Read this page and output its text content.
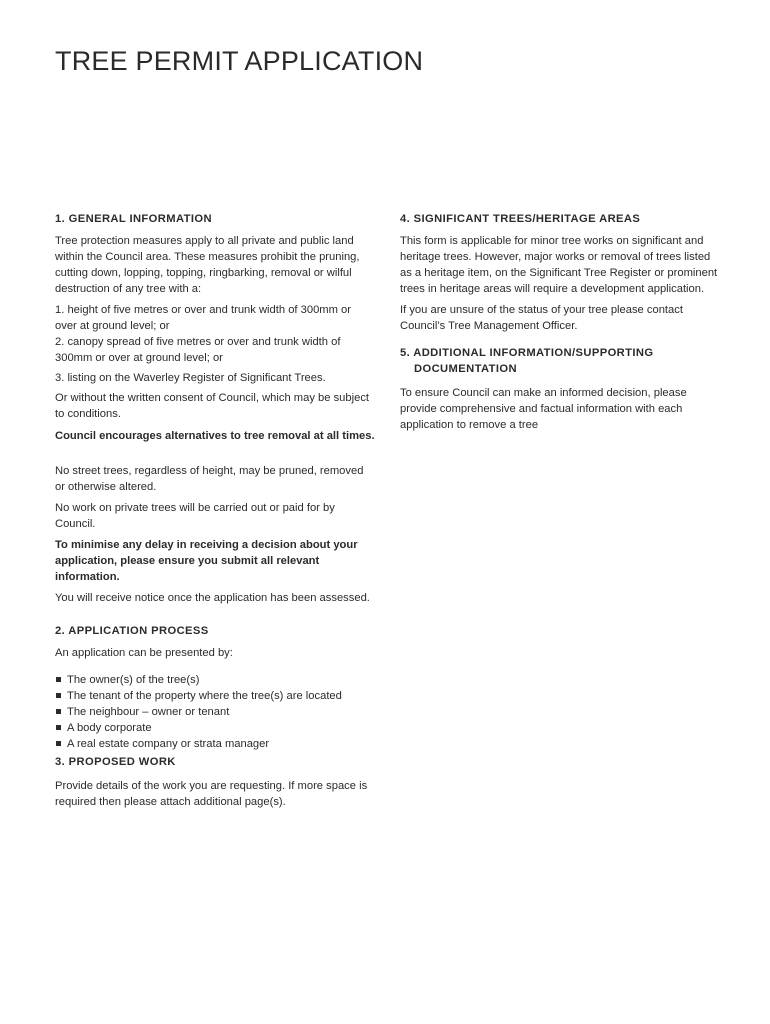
TREE PERMIT APPLICATION

1. GENERAL INFORMATION

Tree protection measures apply to all private and public land within the Council area. These measures prohibit the pruning, cutting down, lopping, topping, ringbarking, removal or wilful destruction of any tree with a:

1. height of five metres or over and trunk width of 300mm or over at ground level; or

2. canopy spread of five metres or over and trunk width of 300mm or over at ground level; or

3. listing on the Waverley Register of Significant Trees.

Or without the written consent of Council, which may be subject to conditions.

Council encourages alternatives to tree removal at all times.

No street trees, regardless of height, may be pruned, removed or otherwise altered.

No work on private trees will be carried out or paid for by Council.

To minimise any delay in receiving a decision about your application, please ensure you submit all relevant information.

You will receive notice once the application has been assessed.

2. APPLICATION PROCESS

An application can be presented by:

The owner(s) of the tree(s)
The tenant of the property where the tree(s) are located
The neighbour – owner or tenant
A body corporate
A real estate company or strata manager

3. PROPOSED WORK

Provide details of the work you are requesting. If more space is required then please attach additional page(s).

4. SIGNIFICANT TREES/HERITAGE AREAS

This form is applicable for minor tree works on significant and heritage trees. However, major works or removal of trees listed as a heritage item, on the Significant Tree Register or prominent trees in heritage areas will require a development application.

If you are unsure of the status of your tree please contact Council’s Tree Management Officer.

5. ADDITIONAL INFORMATION/SUPPORTING DOCUMENTATION

To ensure Council can make an informed decision, please provide comprehensive and factual information with each application to remove a tree
